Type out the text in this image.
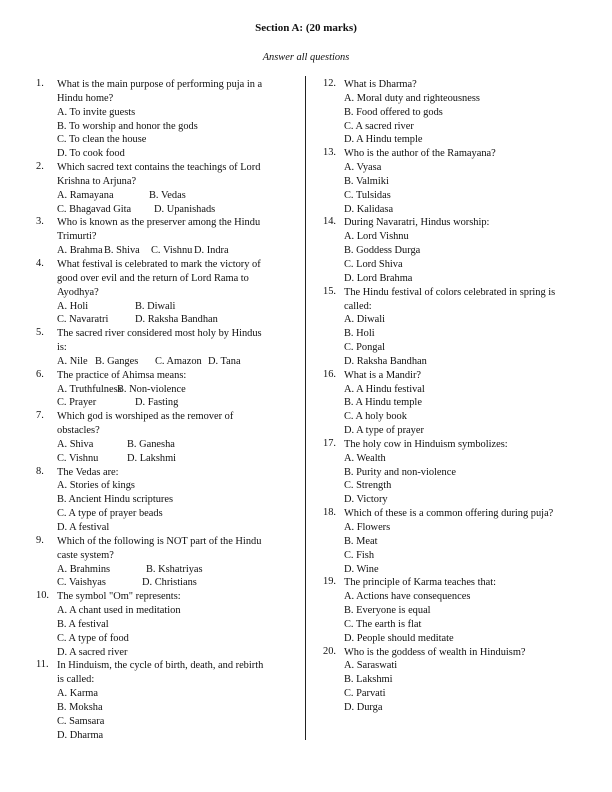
Section A: (20 marks)
Answer all questions
1. What is the main purpose of performing puja in a
Hindu home?
A. To invite guests
B. To worship and honor the gods
C. To clean the house
D. To cook food
2. Which sacred text contains the teachings of Lord
Krishna to Arjuna?
A. Ramayana	B. Vedas
C. Bhagavad Gita D. Upanishads
3. Who is known as the preserver among the Hindu
Trimurti?
A. BrahmaB. Shiva C. Vishnu D. Indra
4. What festival is celebrated to mark the victory of
good over evil and the return of Lord Rama to
Ayodhya?
A. Holi	B. Diwali
C. Navaratri	D. Raksha Bandhan
5. The sacred river considered most holy by Hindus
is:
A. Nile B. Ganges C. Amazon D. Tana
6. The practice of Ahimsa means:
A. TruthfulnessB. Non-violence
C. Prayer	D. Fasting
7. Which god is worshiped as the remover of
obstacles?
A. Shiva	B. Ganesha
C. Vishnu	D. Lakshmi
8. The Vedas are:
A. Stories of kings
B. Ancient Hindu scriptures
C. A type of prayer beads
D. A festival
9. Which of the following is NOT part of the Hindu
caste system?
A. Brahmins	B. Kshatriyas
C. Vaishyas	D. Christians
10. The symbol "Om" represents:
A. A chant used in meditation
B. A festival
C. A type of food
D. A sacred river
11. In Hinduism, the cycle of birth, death, and rebirth
is called:
A. Karma
B. Moksha
C. Samsara
D. Dharma
12. What is Dharma?
A. Moral duty and righteousness
B. Food offered to gods
C. A sacred river
D. A Hindu temple
13. Who is the author of the Ramayana?
A. Vyasa
B. Valmiki
C. Tulsidas
D. Kalidasa
14. During Navaratri, Hindus worship:
A. Lord Vishnu
B. Goddess Durga
C. Lord Shiva
D. Lord Brahma
15. The Hindu festival of colors celebrated in spring is
called:
A. Diwali
B. Holi
C. Pongal
D. Raksha Bandhan
16. What is a Mandir?
A. A Hindu festival
B. A Hindu temple
C. A holy book
D. A type of prayer
17. The holy cow in Hinduism symbolizes:
A. Wealth
B. Purity and non-violence
C. Strength
D. Victory
18. Which of these is a common offering during puja?
A. Flowers
B. Meat
C. Fish
D. Wine
19. The principle of Karma teaches that:
A. Actions have consequences
B. Everyone is equal
C. The earth is flat
D. People should meditate
20. Who is the goddess of wealth in Hinduism?
A. Saraswati
B. Lakshmi
C. Parvati
D. Durga
